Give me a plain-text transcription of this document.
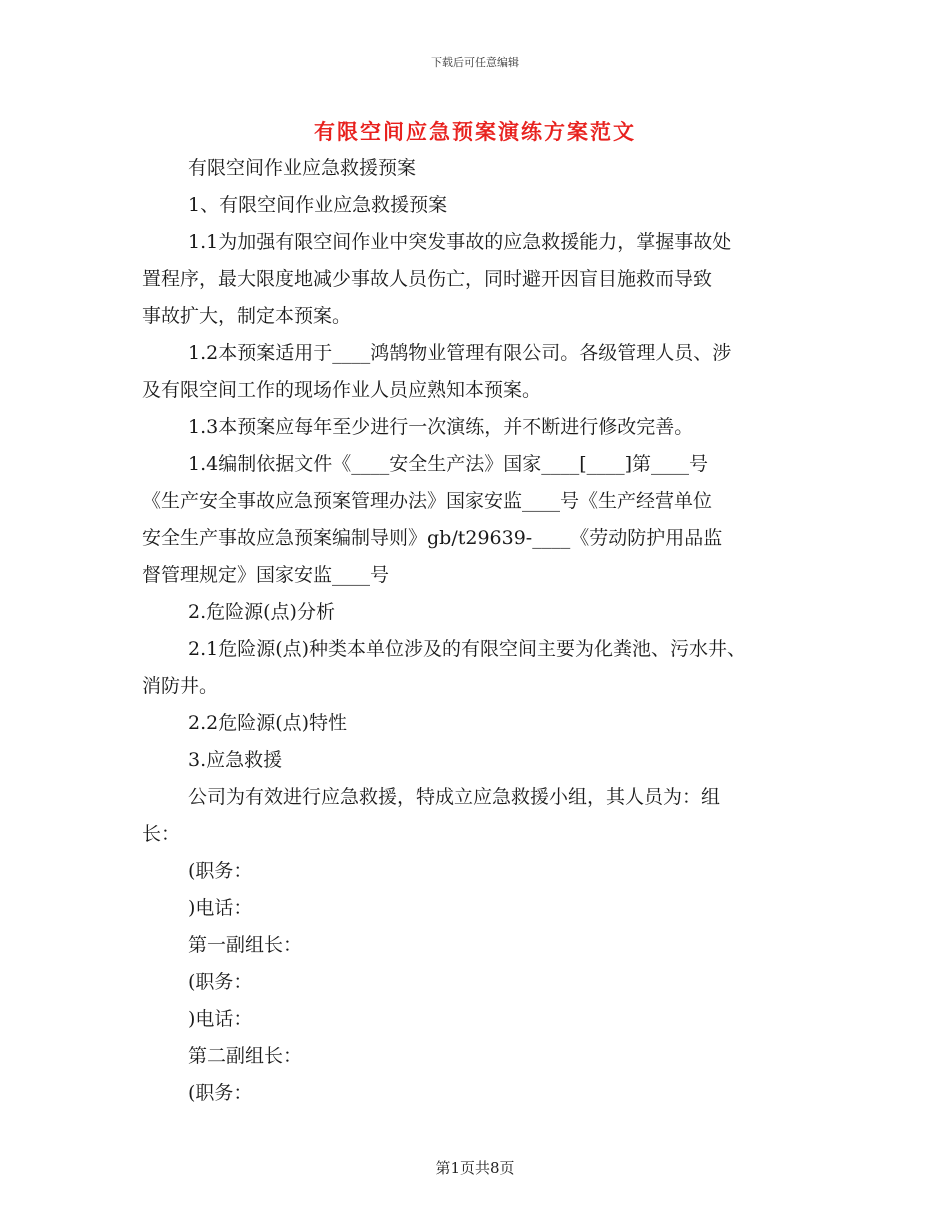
下载后可任意编辑
有限空间应急预案演练方案范文
有限空间作业应急救援预案
1、有限空间作业应急救援预案
1.1为加强有限空间作业中突发事故的应急救援能力，掌握事故处
置程序，最大限度地减少事故人员伤亡，同时避开因盲目施救而导致
事故扩大，制定本预案。
1.2本预案适用于____鸿鹄物业管理有限公司。各级管理人员、涉
及有限空间工作的现场作业人员应熟知本预案。
1.3本预案应每年至少进行一次演练，并不断进行修改完善。
1.4编制依据文件《____安全生产法》国家____[____]第____号
《生产安全事故应急预案管理办法》国家安监____号《生产经营单位
安全生产事故应急预案编制导则》gb/t29639-____《劳动防护用品监
督管理规定》国家安监____号
2.危险源(点)分析
2.1危险源(点)种类本单位涉及的有限空间主要为化粪池、污水井、
消防井。
2.2危险源(点)特性
3.应急救援
公司为有效进行应急救援，特成立应急救援小组，其人员为：组
长：
(职务：
)电话：
第一副组长：
(职务：
)电话：
第二副组长：
(职务：
第1页共8页
